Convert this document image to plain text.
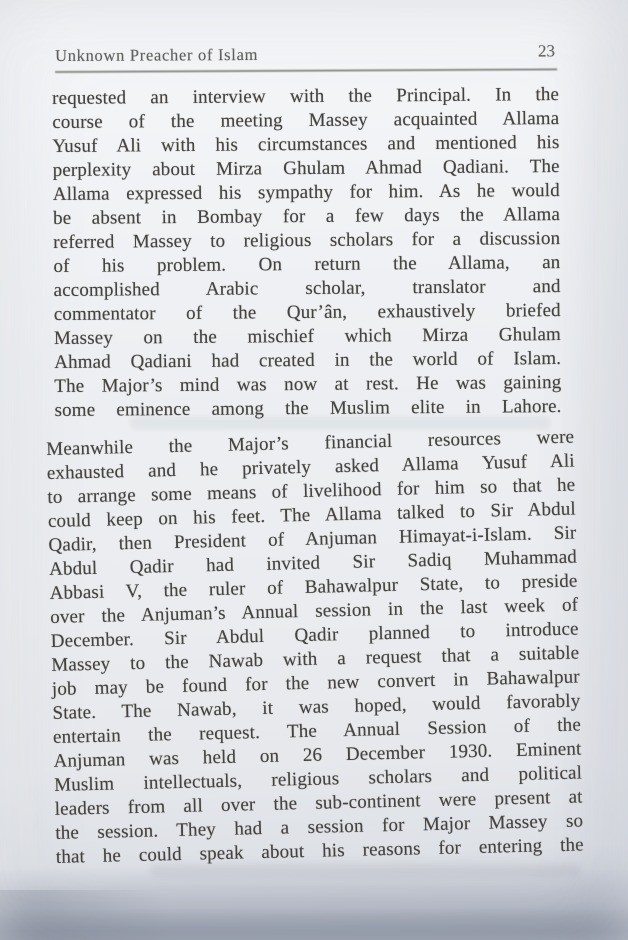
Unknown Preacher of Islam	23
requested an interview with the Principal. In the
course of the meeting Massey acquainted Allama
Yusuf Ali with his circumstances and mentioned his
perplexity about Mirza Ghulam Ahmad Qadiani. The
Allama expressed his sympathy for him. As he would
be absent in Bombay for a few days the Allama
referred Massey to religious scholars for a discussion
of his problem. On return the Allama, an
accomplished Arabic scholar, translator and
commentator of the Qur’ân, exhaustively briefed
Massey on the mischief which Mirza Ghulam
Ahmad Qadiani had created in the world of Islam.
The Major’s mind was now at rest. He was gaining
some eminence among the Muslim elite in Lahore.
Meanwhile the Major’s financial resources were
exhausted and he privately asked Allama Yusuf Ali
to arrange some means of livelihood for him so that he
could keep on his feet. The Allama talked to Sir Abdul
Qadir, then President of Anjuman Himayat-i-Islam. Sir
Abdul Qadir had invited Sir Sadiq Muhammad
Abbasi V, the ruler of Bahawalpur State, to preside
over the Anjuman’s Annual session in the last week of
December. Sir Abdul Qadir planned to introduce
Massey to the Nawab with a request that a suitable
job may be found for the new convert in Bahawalpur
State. The Nawab, it was hoped, would favorably
entertain the request. The Annual Session of the
Anjuman was held on 26 December 1930. Eminent
Muslim intellectuals, religious scholars and political
leaders from all over the sub-continent were present at
the session. They had a session for Major Massey so
that he could speak about his reasons for entering the
